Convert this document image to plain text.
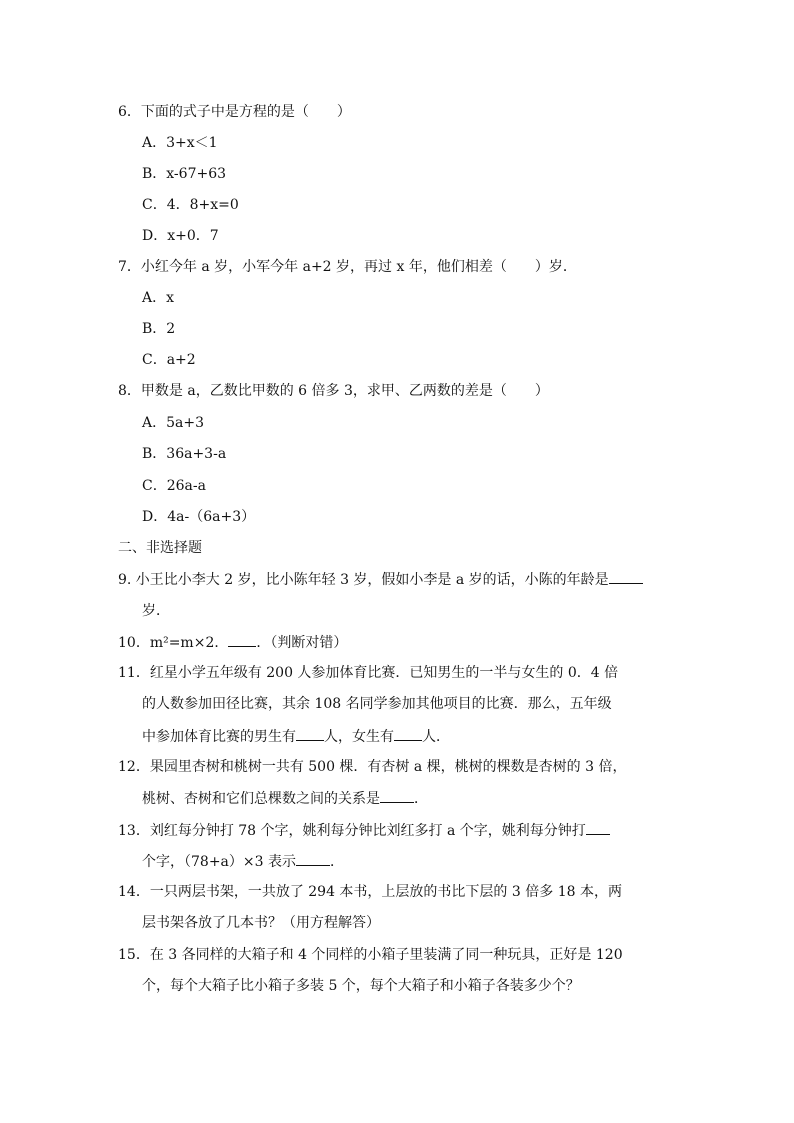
6．下面的式子中是方程的是（　　）
A．3+x＜1
B．x-67+63
C．4．8+x=0
D．x+0．7
7．小红今年 a 岁，小军今年 a+2 岁，再过 x 年，他们相差（　　）岁．
A．x
B．2
C．a+2
8．甲数是 a，乙数比甲数的 6 倍多 3，求甲、乙两数的差是（　　）
A．5a+3
B．36a+3-a
C．26a-a
D．4a-（6a+3）
二、非选择题
9. 小王比小李大 2 岁，比小陈年轻 3 岁，假如小李是 a 岁的话，小陈的年龄是
岁．
10．m²=m×2． ．（判断对错）
11．红星小学五年级有 200 人参加体育比赛．已知男生的一半与女生的 0．4 倍
的人数参加田径比赛，其余 108 名同学参加其他项目的比赛．那么，五年级
中参加体育比赛的男生有 人，女生有 人．
12．果园里杏树和桃树一共有 500 棵．有杏树 a 棵，桃树的棵数是杏树的 3 倍，
桃树、杏树和它们总棵数之间的关系是 ．
13．刘红每分钟打 78 个字，姚利每分钟比刘红多打 a 个字，姚利每分钟打
个字，（78+a）×3 表示 ．
14．一只两层书架，一共放了 294 本书，上层放的书比下层的 3 倍多 18 本，两
层书架各放了几本书？（用方程解答）
15．在 3 各同样的大箱子和 4 个同样的小箱子里装满了同一种玩具，正好是 120
个，每个大箱子比小箱子多装 5 个，每个大箱子和小箱子各装多少个？
